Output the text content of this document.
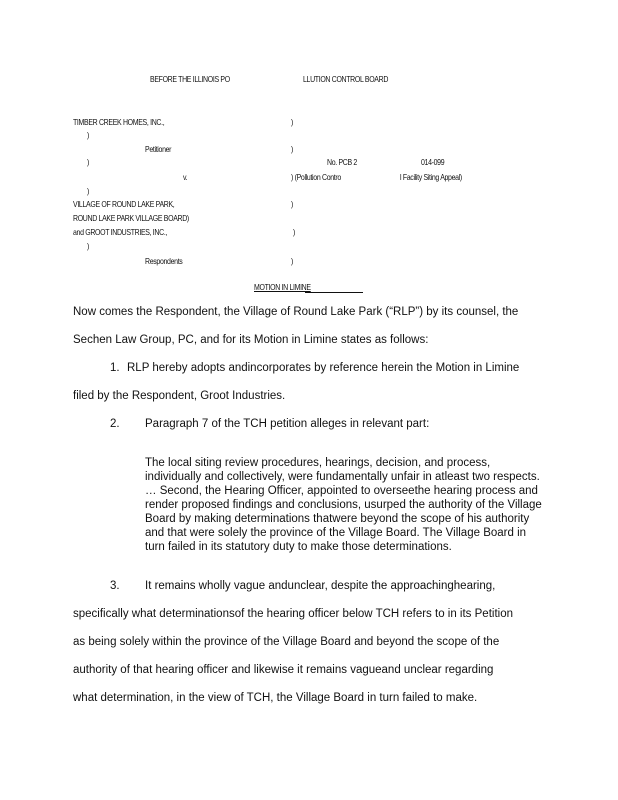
BEFORE THE ILLINOIS PO	LLUTION CONTROL BOARD
TIMBER CREEK HOMES, INC.,	)
)
Petitioner	)
)	No. PCB 2	014-099
v.	) (Pollution Contro	l Facility Siting Appeal)
)
VILLAGE OF ROUND LAKE PARK,	)
ROUND LAKE PARK VILLAGE BOARD)
and GROOT INDUSTRIES, INC.,	)
)
Respondents	)
MOTION IN LIMINE
Now comes the Respondent, the Village of Round Lake Park (“RLP”) by its counsel, the
Sechen Law Group, PC, and for its Motion in Limine states as follows:
1. RLP hereby adopts andincorporates by reference herein the Motion in Limine
filed by the Respondent, Groot Industries.
2. Paragraph 7 of the TCH petition alleges in relevant part:
The local siting review procedures, hearings, decision, and process, individually and collectively, were fundamentally unfair in atleast two respects. … Second, the Hearing Officer, appointed to overseethe hearing process and render proposed findings and conclusions, usurped the authority of the Village Board by making determinations thatwere beyond the scope of his authority and that were solely the province of the Village Board. The Village Board in turn failed in its statutory duty to make those determinations.
3. It remains wholly vague andunclear, despite the approachinghearing,
specifically what determinationsof the hearing officer below TCH refers to in its Petition
as being solely within the province of the Village Board and beyond the scope of the
authority of that hearing officer and likewise it remains vagueand unclear regarding
what determination, in the view of TCH, the Village Board in turn failed to make.
